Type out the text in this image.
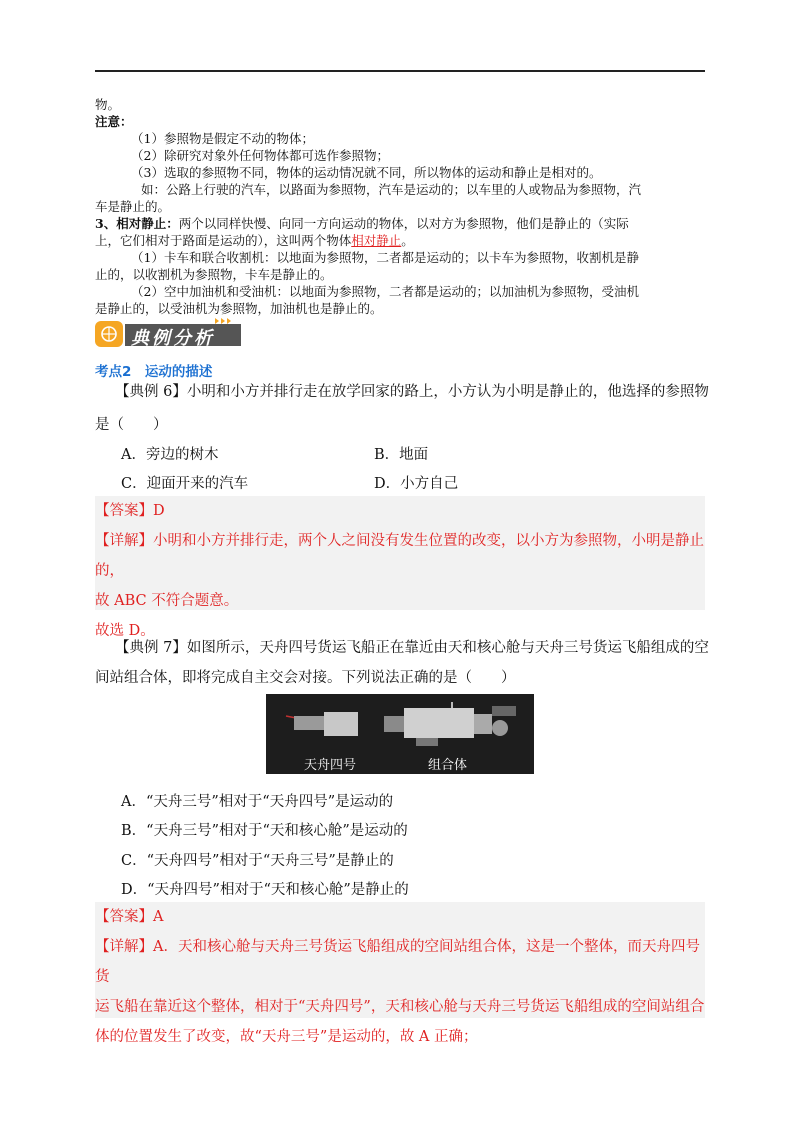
物。
注意：
（1）参照物是假定不动的物体；
（2）除研究对象外任何物体都可选作参照物；
（3）选取的参照物不同，物体的运动情况就不同，所以物体的运动和静止是相对的。
如：公路上行驶的汽车，以路面为参照物，汽车是运动的；以车里的人或物品为参照物，汽
车是静止的。
3、相对静止：两个以同样快慢、向同一方向运动的物体，以对方为参照物，他们是静止的（实际
上，它们相对于路面是运动的），这叫两个物体相对静止。
（1）卡车和联合收割机：以地面为参照物，二者都是运动的；以卡车为参照物，收割机是静
止的，以收割机为参照物，卡车是静止的。
（2）空中加油机和受油机：以地面为参照物，二者都是运动的；以加油机为参照物，受油机
是静止的，以受油机为参照物，加油机也是静止的。
典例分析
考点2　运动的描述
【典例 6】小明和小方并排行走在放学回家的路上，小方认为小明是静止的，他选择的参照物
是（　　）
A．旁边的树木	B．地面
C．迎面开来的汽车	D．小方自己
【答案】D
【详解】小明和小方并排行走，两个人之间没有发生位置的改变，以小方为参照物，小明是静止的，
故 ABC 不符合题意。
故选 D。
【典例 7】如图所示，天舟四号货运飞船正在靠近由天和核心舱与天舟三号货运飞船组成的空
间站组合体，即将完成自主交会对接。下列说法正确的是（　　）
天舟四号	组合体
A．“天舟三号”相对于“天舟四号”是运动的
B．“天舟三号”相对于“天和核心舱”是运动的
C．“天舟四号”相对于“天舟三号”是静止的
D．“天舟四号”相对于“天和核心舱”是静止的
【答案】A
【详解】A．天和核心舱与天舟三号货运飞船组成的空间站组合体，这是一个整体，而天舟四号货
运飞船在靠近这个整体，相对于“天舟四号”，天和核心舱与天舟三号货运飞船组成的空间站组合
体的位置发生了改变，故“天舟三号”是运动的，故 A 正确；
